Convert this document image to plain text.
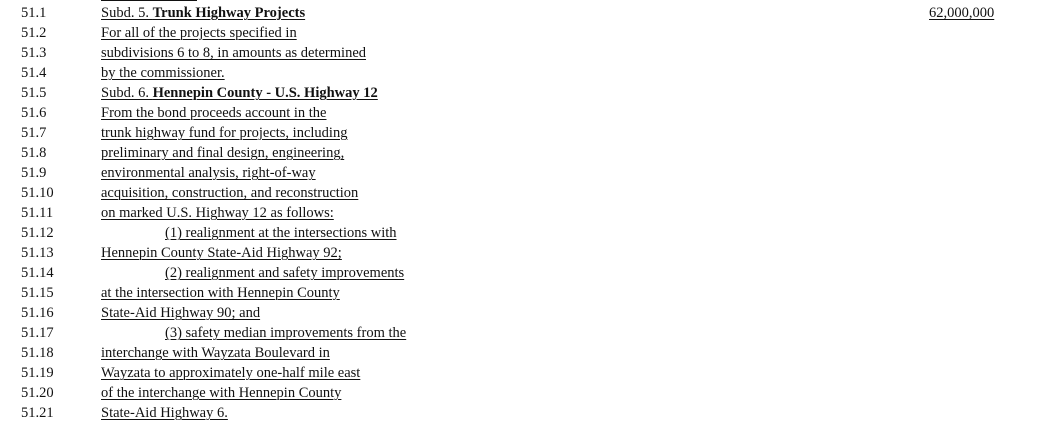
51.1	Subd. 5. Trunk Highway Projects	62,000,000
51.2	For all of the projects specified in
51.3	subdivisions 6 to 8, in amounts as determined
51.4	by the commissioner.
51.5	Subd. 6. Hennepin County - U.S. Highway 12
51.6	From the bond proceeds account in the
51.7	trunk highway fund for projects, including
51.8	preliminary and final design, engineering,
51.9	environmental analysis, right-of-way
51.10	acquisition, construction, and reconstruction
51.11	on marked U.S. Highway 12 as follows:
51.12	(1) realignment at the intersections with
51.13	Hennepin County State-Aid Highway 92;
51.14	(2) realignment and safety improvements
51.15	at the intersection with Hennepin County
51.16	State-Aid Highway 90; and
51.17	(3) safety median improvements from the
51.18	interchange with Wayzata Boulevard in
51.19	Wayzata to approximately one-half mile east
51.20	of the interchange with Hennepin County
51.21	State-Aid Highway 6.
